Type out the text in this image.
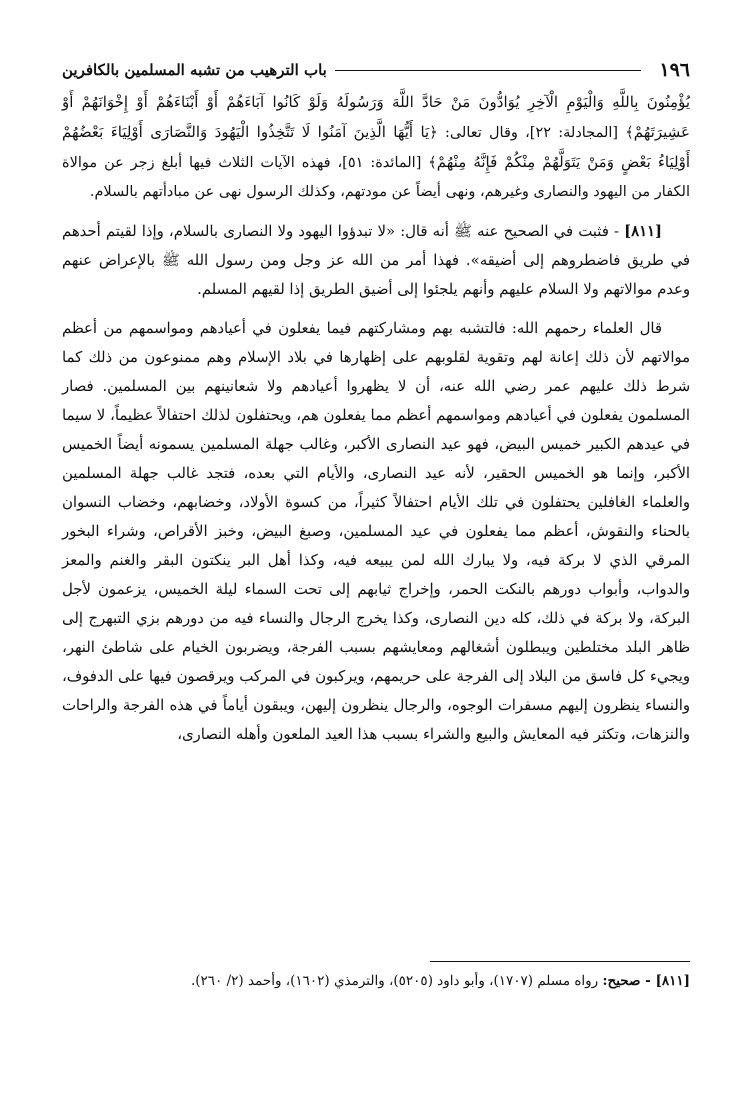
١٩٦
باب الترهيب من تشبه المسلمين بالكافرين

يُؤْمِنُونَ بِاللَّهِ وَالْيَوْمِ الْآخِرِ يُوَادُّونَ مَنْ حَادَّ اللَّهَ وَرَسُولَهُ وَلَوْ كَانُوا آبَاءَهُمْ أَوْ أَبْنَاءَهُمْ أَوْ إِخْوَانَهُمْ أَوْ عَشِيرَتَهُمْ﴾ [المجادلة: ٢٢]، وقال تعالى: ﴿يَا أَيُّهَا الَّذِينَ آمَنُوا لَا تَتَّخِذُوا الْيَهُودَ وَالنَّصَارَى أَوْلِيَاءَ بَعْضُهُمْ أَوْلِيَاءُ بَعْضٍ وَمَنْ يَتَوَلَّهُمْ مِنْكُمْ فَإِنَّهُ مِنْهُمْ﴾ [المائدة: ٥١]، فهذه الآيات الثلاث فيها أبلغ زجر عن موالاة الكفار من اليهود والنصارى وغيرهم، ونهى أيضاً عن مودتهم، وكذلك الرسول نهى عن مبادأتهم بالسلام.

[٨١١] - فثبت في الصحيح عنه ﷺ أنه قال: «لا تبدؤوا اليهود ولا النصارى بالسلام، وإذا لقيتم أحدهم في طريق فاضطروهم إلى أضيقه». فهذا أمر من الله عز وجل ومن رسول الله ﷺ بالإعراض عنهم وعدم موالاتهم ولا السلام عليهم وأنهم يلجئوا إلى أضيق الطريق إذا لقيهم المسلم.

قال العلماء رحمهم الله: فالتشبه بهم ومشاركتهم فيما يفعلون في أعيادهم ومواسمهم من أعظم موالاتهم لأن ذلك إعانة لهم وتقوية لقلوبهم على إظهارها في بلاد الإسلام وهم ممنوعون من ذلك كما شرط ذلك عليهم عمر رضي الله عنه، أن لا يظهروا أعيادهم ولا شعانينهم بين المسلمين. فصار المسلمون يفعلون في أعيادهم ومواسمهم أعظم مما يفعلون هم، ويحتفلون لذلك احتفالاً عظيماً، لا سيما في عيدهم الكبير خميس البيض، فهو عيد النصارى الأكبر، وغالب جهلة المسلمين يسمونه أيضاً الخميس الأكبر، وإنما هو الخميس الحقير، لأنه عيد النصارى، والأيام التي بعده، فتجد غالب جهلة المسلمين والعلماء الغافلين يحتفلون في تلك الأيام احتفالاً كثيراً، من كسوة الأولاد، وخضابهم، وخضاب النسوان بالحناء والنقوش، أعظم مما يفعلون في عيد المسلمين، وصبغ البيض، وخبز الأقراص، وشراء البخور المرقي الذي لا بركة فيه، ولا يبارك الله لمن يبيعه فيه، وكذا أهل البر ينكتون البقر والغنم والمعز والدواب، وأبواب دورهم بالنكت الحمر، وإخراج ثيابهم إلى تحت السماء ليلة الخميس، يزعمون لأجل البركة، ولا بركة في ذلك، كله دين النصارى، وكذا يخرج الرجال والنساء فيه من دورهم بزي التبهرج إلى ظاهر البلد مختلطين ويبطلون أشغالهم ومعايشهم بسبب الفرجة، ويضربون الخيام على شاطئ النهر، ويجيء كل فاسق من البلاد إلى الفرجة على حريمهم، ويركبون في المركب ويرقصون فيها على الدفوف، والنساء ينظرون إليهم مسفرات الوجوه، والرجال ينظرون إليهن، ويبقون أياماً في هذه الفرجة والراحات والنزهات، وتكثر فيه المعايش والبيع والشراء بسبب هذا العيد الملعون وأهله النصارى،

[٨١١] - صحيح: رواه مسلم (١٧٠٧)، وأبو داود (٥٢٠٥)، والترمذي (١٦٠٢)، وأحمد (٢/ ٢٦٠).
